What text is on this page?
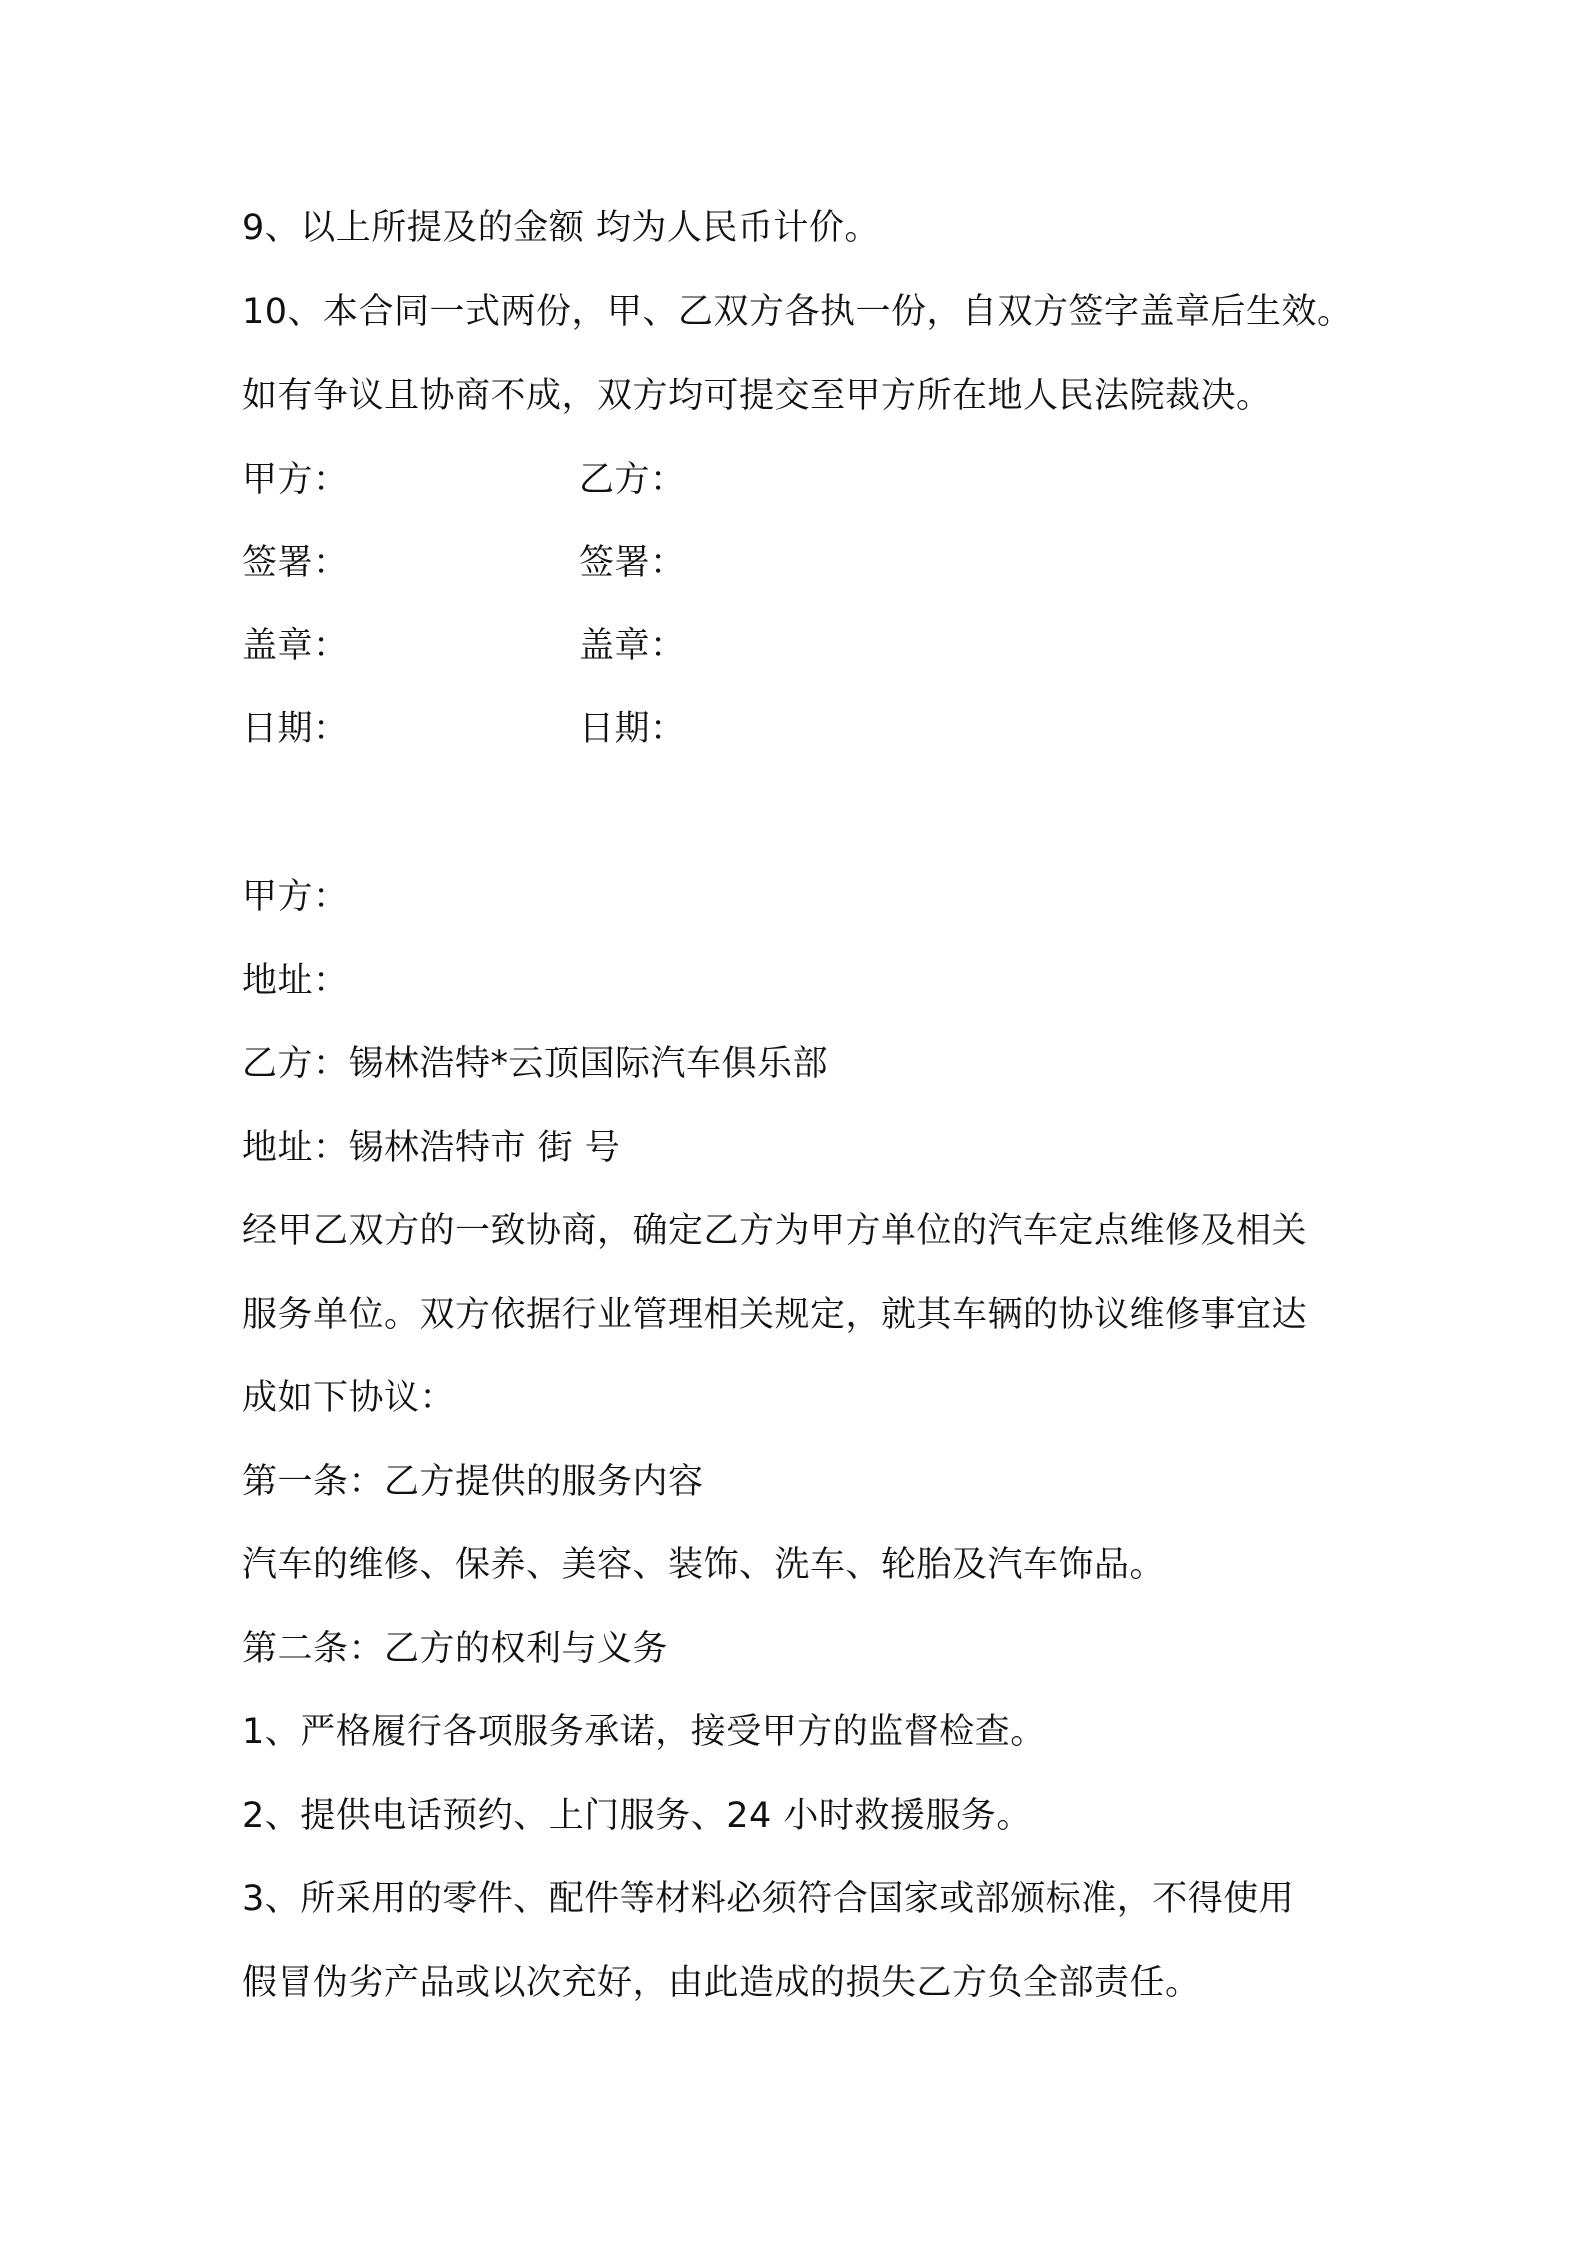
9、以上所提及的金额 均为人民币计价。
10、本合同一式两份，甲、乙双方各执一份，自双方签字盖章后生效。
如有争议且协商不成，双方均可提交至甲方所在地人民法院裁决。
甲方：	乙方：
签署：	签署：
盖章：	盖章：
日期：	日期：
甲方：
地址：
乙方：锡林浩特*云顶国际汽车俱乐部
地址：锡林浩特市 街 号
经甲乙双方的一致协商，确定乙方为甲方单位的汽车定点维修及相关
服务单位。双方依据行业管理相关规定，就其车辆的协议维修事宜达
成如下协议：
第一条：乙方提供的服务内容
汽车的维修、保养、美容、装饰、洗车、轮胎及汽车饰品。
第二条：乙方的权利与义务
1、严格履行各项服务承诺，接受甲方的监督检查。
2、提供电话预约、上门服务、24 小时救援服务。
3、所采用的零件、配件等材料必须符合国家或部颁标准，不得使用
假冒伪劣产品或以次充好，由此造成的损失乙方负全部责任。
